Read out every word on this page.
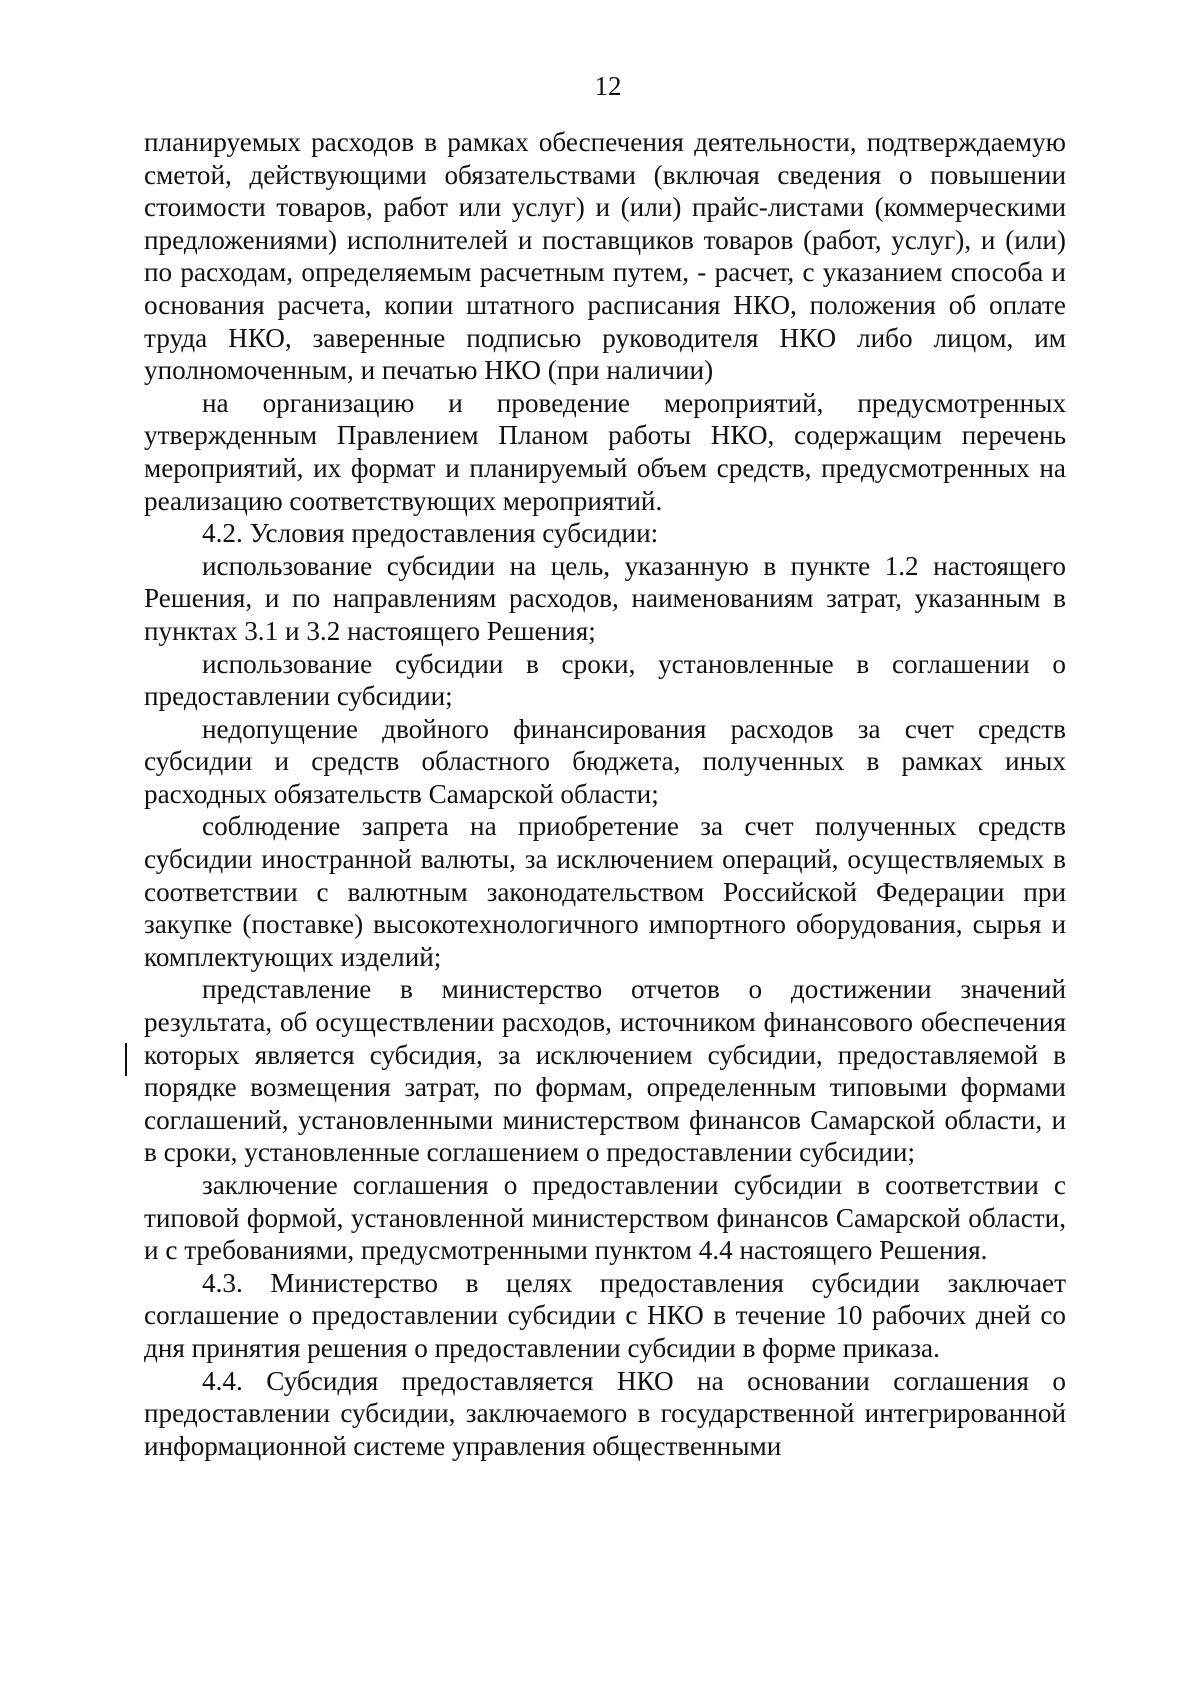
12

планируемых расходов в рамках обеспечения деятельности, подтверждаемую сметой, действующими обязательствами (включая сведения о повышении стоимости товаров, работ или услуг) и (или) прайс-листами (коммерческими предложениями) исполнителей и поставщиков товаров (работ, услуг), и (или) по расходам, определяемым расчетным путем, - расчет, с указанием способа и основания расчета, копии штатного расписания НКО, положения об оплате труда НКО, заверенные подписью руководителя НКО либо лицом, им уполномоченным, и печатью НКО (при наличии)

на организацию и проведение мероприятий, предусмотренных утвержденным Правлением Планом работы НКО, содержащим перечень мероприятий, их формат и планируемый объем средств, предусмотренных на реализацию соответствующих мероприятий.

4.2. Условия предоставления субсидии:

использование субсидии на цель, указанную в пункте 1.2 настоящего Решения, и по направлениям расходов, наименованиям затрат, указанным в пунктах 3.1 и 3.2 настоящего Решения;

использование субсидии в сроки, установленные в соглашении о предоставлении субсидии;

недопущение двойного финансирования расходов за счет средств субсидии и средств областного бюджета, полученных в рамках иных расходных обязательств Самарской области;

соблюдение запрета на приобретение за счет полученных средств субсидии иностранной валюты, за исключением операций, осуществляемых в соответствии с валютным законодательством Российской Федерации при закупке (поставке) высокотехнологичного импортного оборудования, сырья и комплектующих изделий;

представление в министерство отчетов о достижении значений результата, об осуществлении расходов, источником финансового обеспечения которых является субсидия, за исключением субсидии, предоставляемой в порядке возмещения затрат, по формам, определенным типовыми формами соглашений, установленными министерством финансов Самарской области, и в сроки, установленные соглашением о предоставлении субсидии;

заключение соглашения о предоставлении субсидии в соответствии с типовой формой, установленной министерством финансов Самарской области, и с требованиями, предусмотренными пунктом 4.4 настоящего Решения.

4.3. Министерство в целях предоставления субсидии заключает соглашение о предоставлении субсидии с НКО в течение 10 рабочих дней со дня принятия решения о предоставлении субсидии в форме приказа.

4.4. Субсидия предоставляется НКО на основании соглашения о предоставлении субсидии, заключаемого в государственной интегрированной информационной системе управления общественными
